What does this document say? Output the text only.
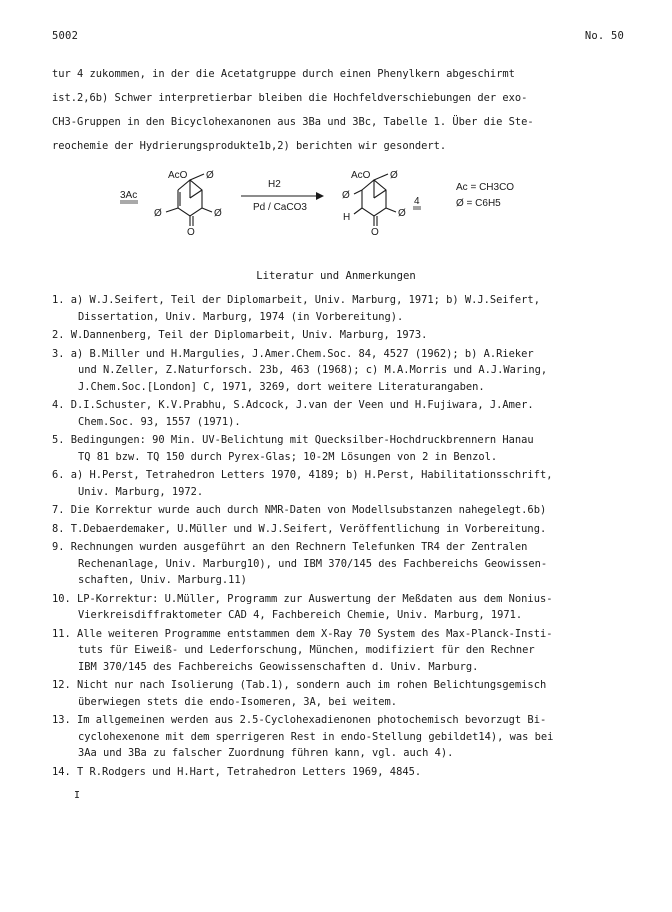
5002	No. 50
tur 4 zukommen, in der die Acetatgruppe durch einen Phenylkern abgeschirmt
ist.2,6b) Schwer interpretierbar bleiben die Hochfeldverschiebungen der exo-
CH3-Gruppen in den Bicyclohexanonen aus 3Ba und 3Bc, Tabelle 1. Über die Ste-
reochemie der Hydrierungsprodukte1b,2) berichten wir gesondert.
3Ac
AcO Ø
Ø	Ø
O
H2
Pd / CaCO3
AcO Ø
Ø
H	Ø
O
4
Ac = CH3CO
Ø = C6H5
Literatur und Anmerkungen
1. a) W.J.Seifert, Teil der Diplomarbeit, Univ. Marburg, 1971; b) W.J.Seifert,
Dissertation, Univ. Marburg, 1974 (in Vorbereitung).
2. W.Dannenberg, Teil der Diplomarbeit, Univ. Marburg, 1973.
3. a) B.Miller und H.Margulies, J.Amer.Chem.Soc. 84, 4527 (1962); b) A.Rieker
und N.Zeller, Z.Naturforsch. 23b, 463 (1968); c) M.A.Morris und A.J.Waring,
J.Chem.Soc.[London] C, 1971, 3269, dort weitere Literaturangaben.
4. D.I.Schuster, K.V.Prabhu, S.Adcock, J.van der Veen und H.Fujiwara, J.Amer.
Chem.Soc. 93, 1557 (1971).
5. Bedingungen: 90 Min. UV-Belichtung mit Quecksilber-Hochdruckbrennern Hanau
TQ 81 bzw. TQ 150 durch Pyrex-Glas; 10-2M Lösungen von 2 in Benzol.
6. a) H.Perst, Tetrahedron Letters 1970, 4189; b) H.Perst, Habilitationsschrift,
Univ. Marburg, 1972.
7. Die Korrektur wurde auch durch NMR-Daten von Modellsubstanzen nahegelegt.6b)
8. T.Debaerdemaker, U.Müller und W.J.Seifert, Veröffentlichung in Vorbereitung.
9. Rechnungen wurden ausgeführt an den Rechnern Telefunken TR4 der Zentralen
Rechenanlage, Univ. Marburg10), und IBM 370/145 des Fachbereichs Geowissen-
schaften, Univ. Marburg.11)
10. LP-Korrektur: U.Müller, Programm zur Auswertung der Meßdaten aus dem Nonius-
Vierkreisdiffraktometer CAD 4, Fachbereich Chemie, Univ. Marburg, 1971.
11. Alle weiteren Programme entstammen dem X-Ray 70 System des Max-Planck-Insti-
tuts für Eiweiß- und Lederforschung, München, modifiziert für den Rechner
IBM 370/145 des Fachbereichs Geowissenschaften d. Univ. Marburg.
12. Nicht nur nach Isolierung (Tab.1), sondern auch im rohen Belichtungsgemisch
überwiegen stets die endo-Isomeren, 3A, bei weitem.
13. Im allgemeinen werden aus 2.5-Cyclohexadienonen photochemisch bevorzugt Bi-
cyclohexenone mit dem sperrigeren Rest in endo-Stellung gebildet14), was bei
3Aa und 3Ba zu falscher Zuordnung führen kann, vgl. auch 4).
14. T R.Rodgers und H.Hart, Tetrahedron Letters 1969, 4845.
I
